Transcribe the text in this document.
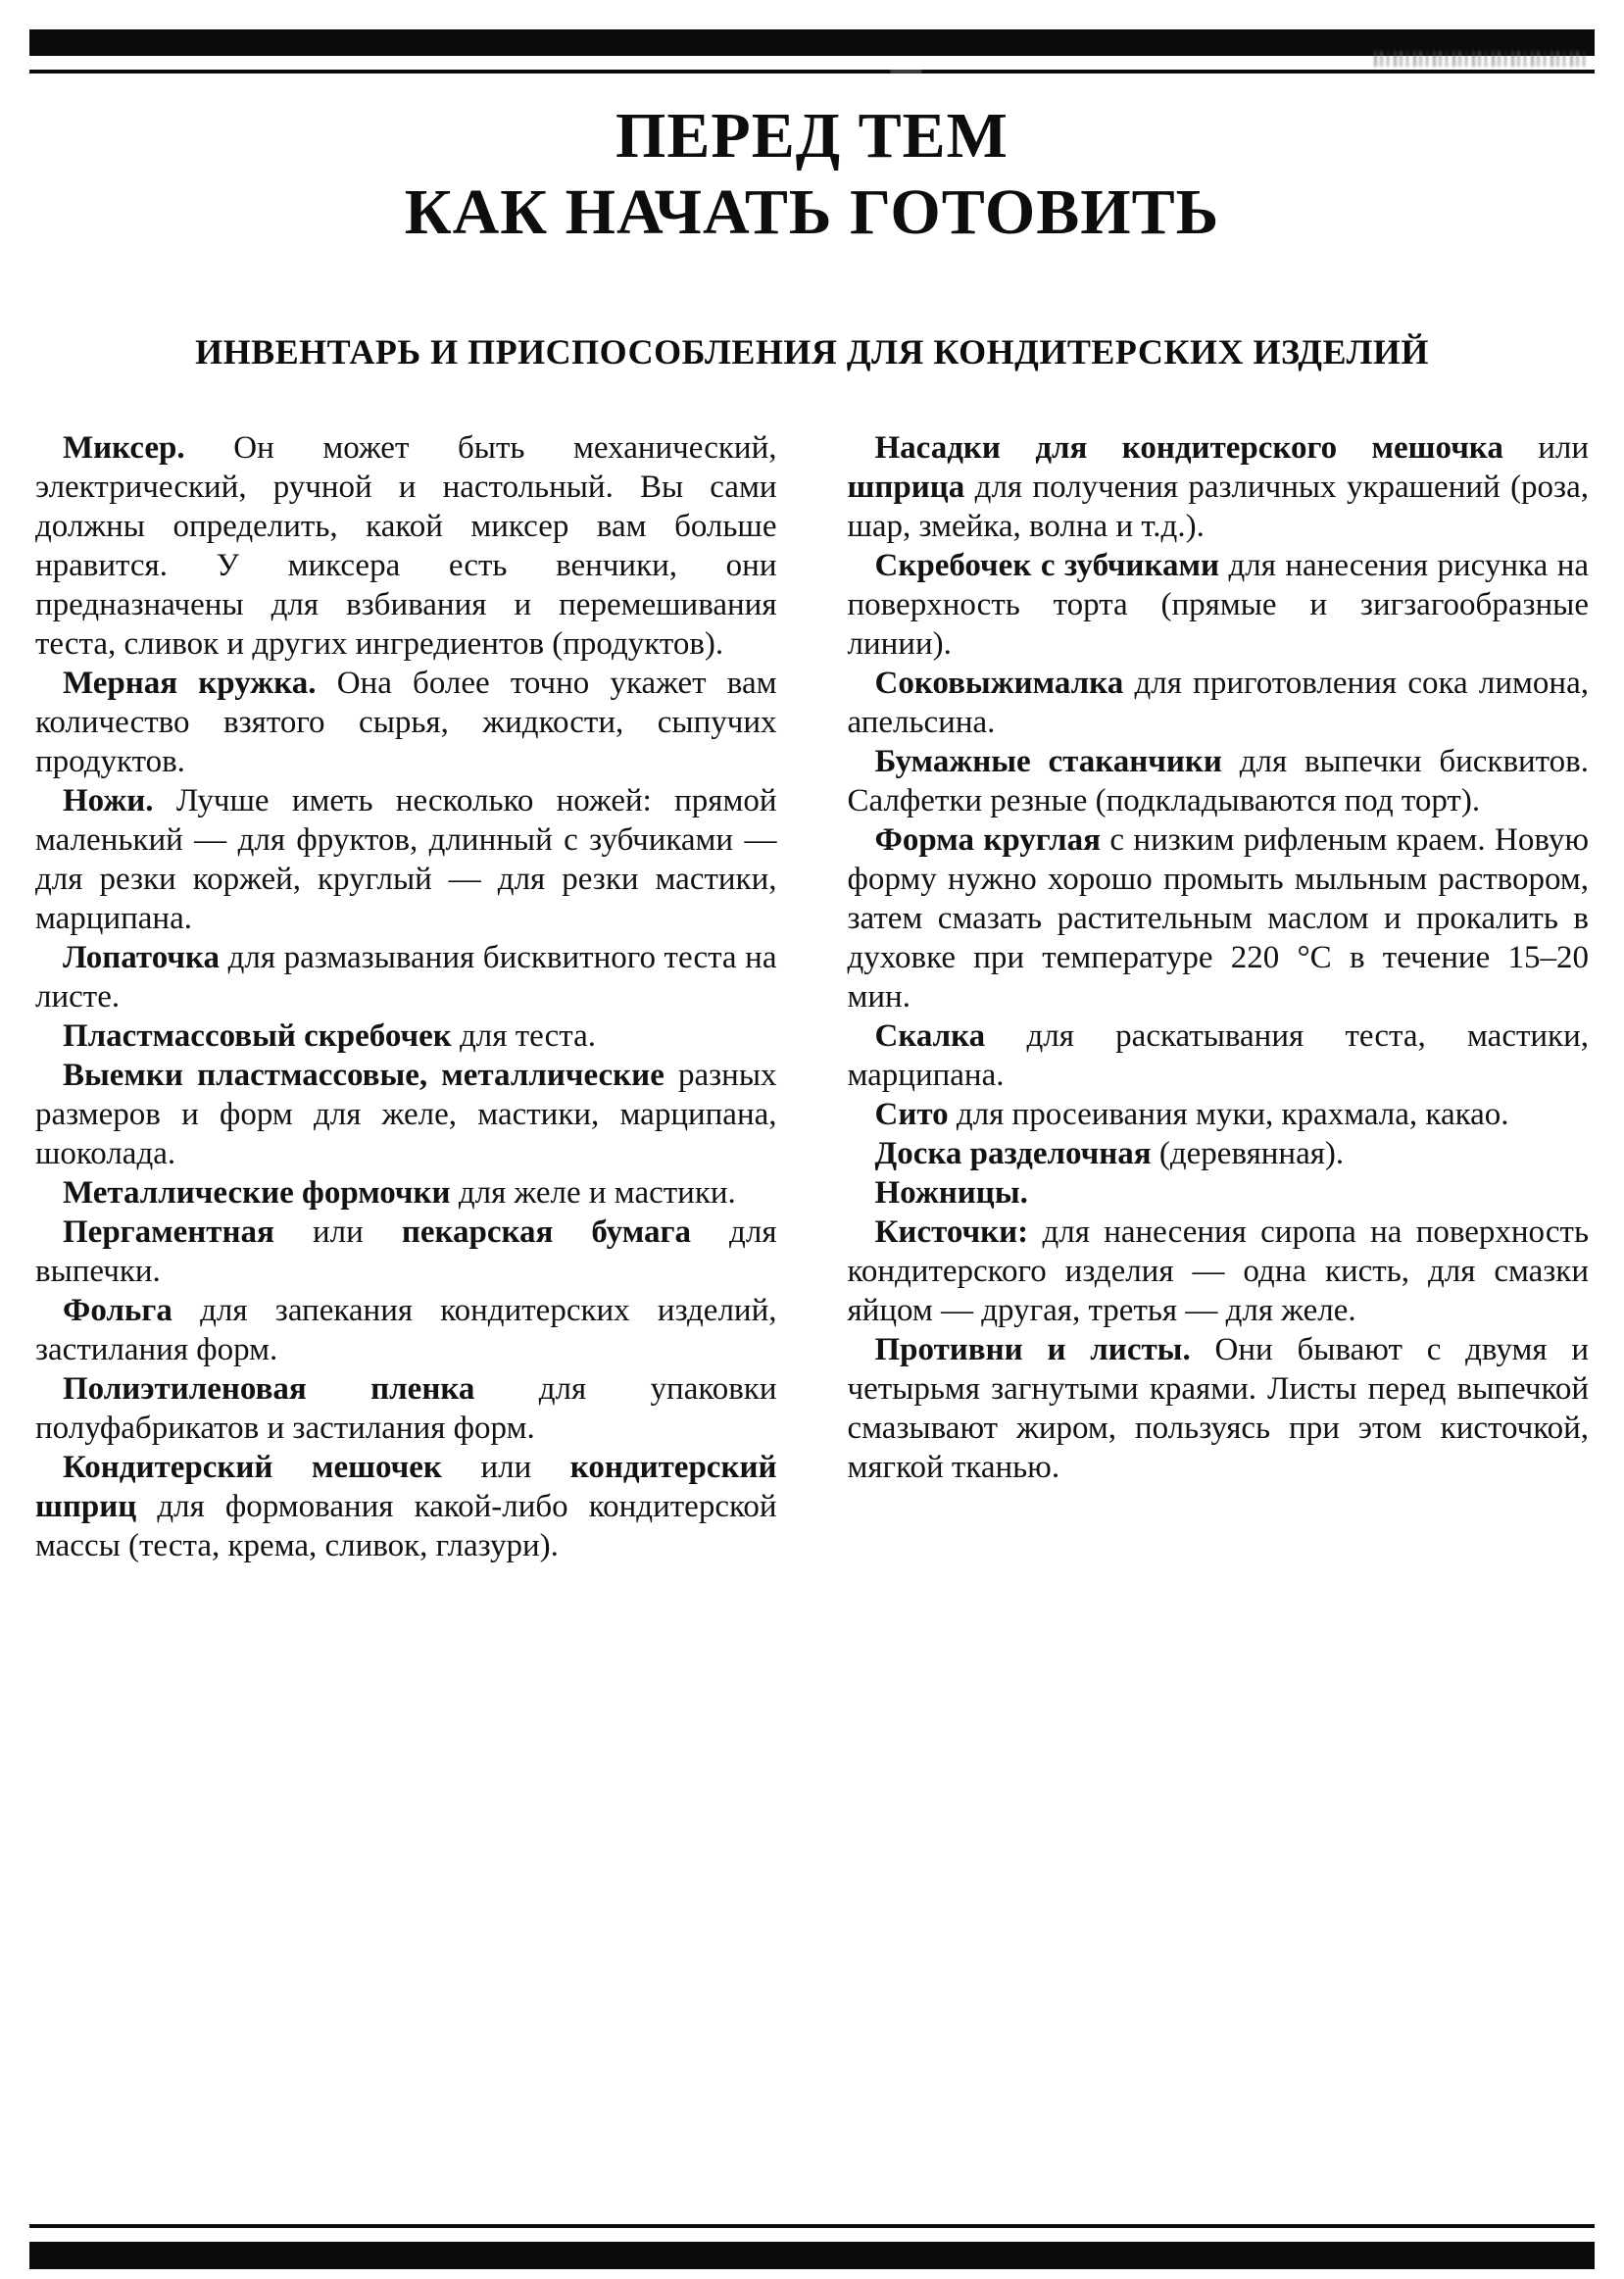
ПЕРЕД ТЕМ
КАК НАЧАТЬ ГОТОВИТЬ
ИНВЕНТАРЬ И ПРИСПОСОБЛЕНИЯ ДЛЯ КОНДИТЕРСКИХ ИЗДЕЛИЙ

Миксер. Он может быть механический, электрический, ручной и настольный. Вы сами должны определить, какой миксер вам больше нравится. У миксера есть венчики, они предназначены для взбивания и перемешивания теста, сливок и других ингредиентов (продуктов).

Мерная кружка. Она более точно укажет вам количество взятого сырья, жидкости, сыпучих продуктов.

Ножи. Лучше иметь несколько ножей: прямой маленький — для фруктов, длинный с зубчиками — для резки коржей, круглый — для резки мастики, марципана.

Лопаточка для размазывания бисквитного теста на листе.

Пластмассовый скребочек для теста.

Выемки пластмассовые, металлические разных размеров и форм для желе, мастики, марципана, шоколада.

Металлические формочки для желе и мастики.

Пергаментная или пекарская бумага для выпечки.

Фольга для запекания кондитерских изделий, застилания форм.

Полиэтиленовая пленка для упаковки полуфабрикатов и застилания форм.

Кондитерский мешочек или кондитерский шприц для формования какой-либо кондитерской массы (теста, крема, сливок, глазури).

Насадки для кондитерского мешочка или шприца для получения различных украшений (роза, шар, змейка, волна и т.д.).

Скребочек с зубчиками для нанесения рисунка на поверхность торта (прямые и зигзагообразные линии).

Соковыжималка для приготовления сока лимона, апельсина.

Бумажные стаканчики для выпечки бисквитов. Салфетки резные (подкладываются под торт).

Форма круглая с низким рифленым краем. Новую форму нужно хорошо промыть мыльным раствором, затем смазать растительным маслом и прокалить в духовке при температуре 220 °С в течение 15–20 мин.

Скалка для раскатывания теста, мастики, марципана.

Сито для просеивания муки, крахмала, какао.

Доска разделочная (деревянная).

Ножницы.

Кисточки: для нанесения сиропа на поверхность кондитерского изделия — одна кисть, для смазки яйцом — другая, третья — для желе.

Противни и листы. Они бывают с двумя и четырьмя загнутыми краями. Листы перед выпечкой смазывают жиром, пользуясь при этом кисточкой, мягкой тканью.
